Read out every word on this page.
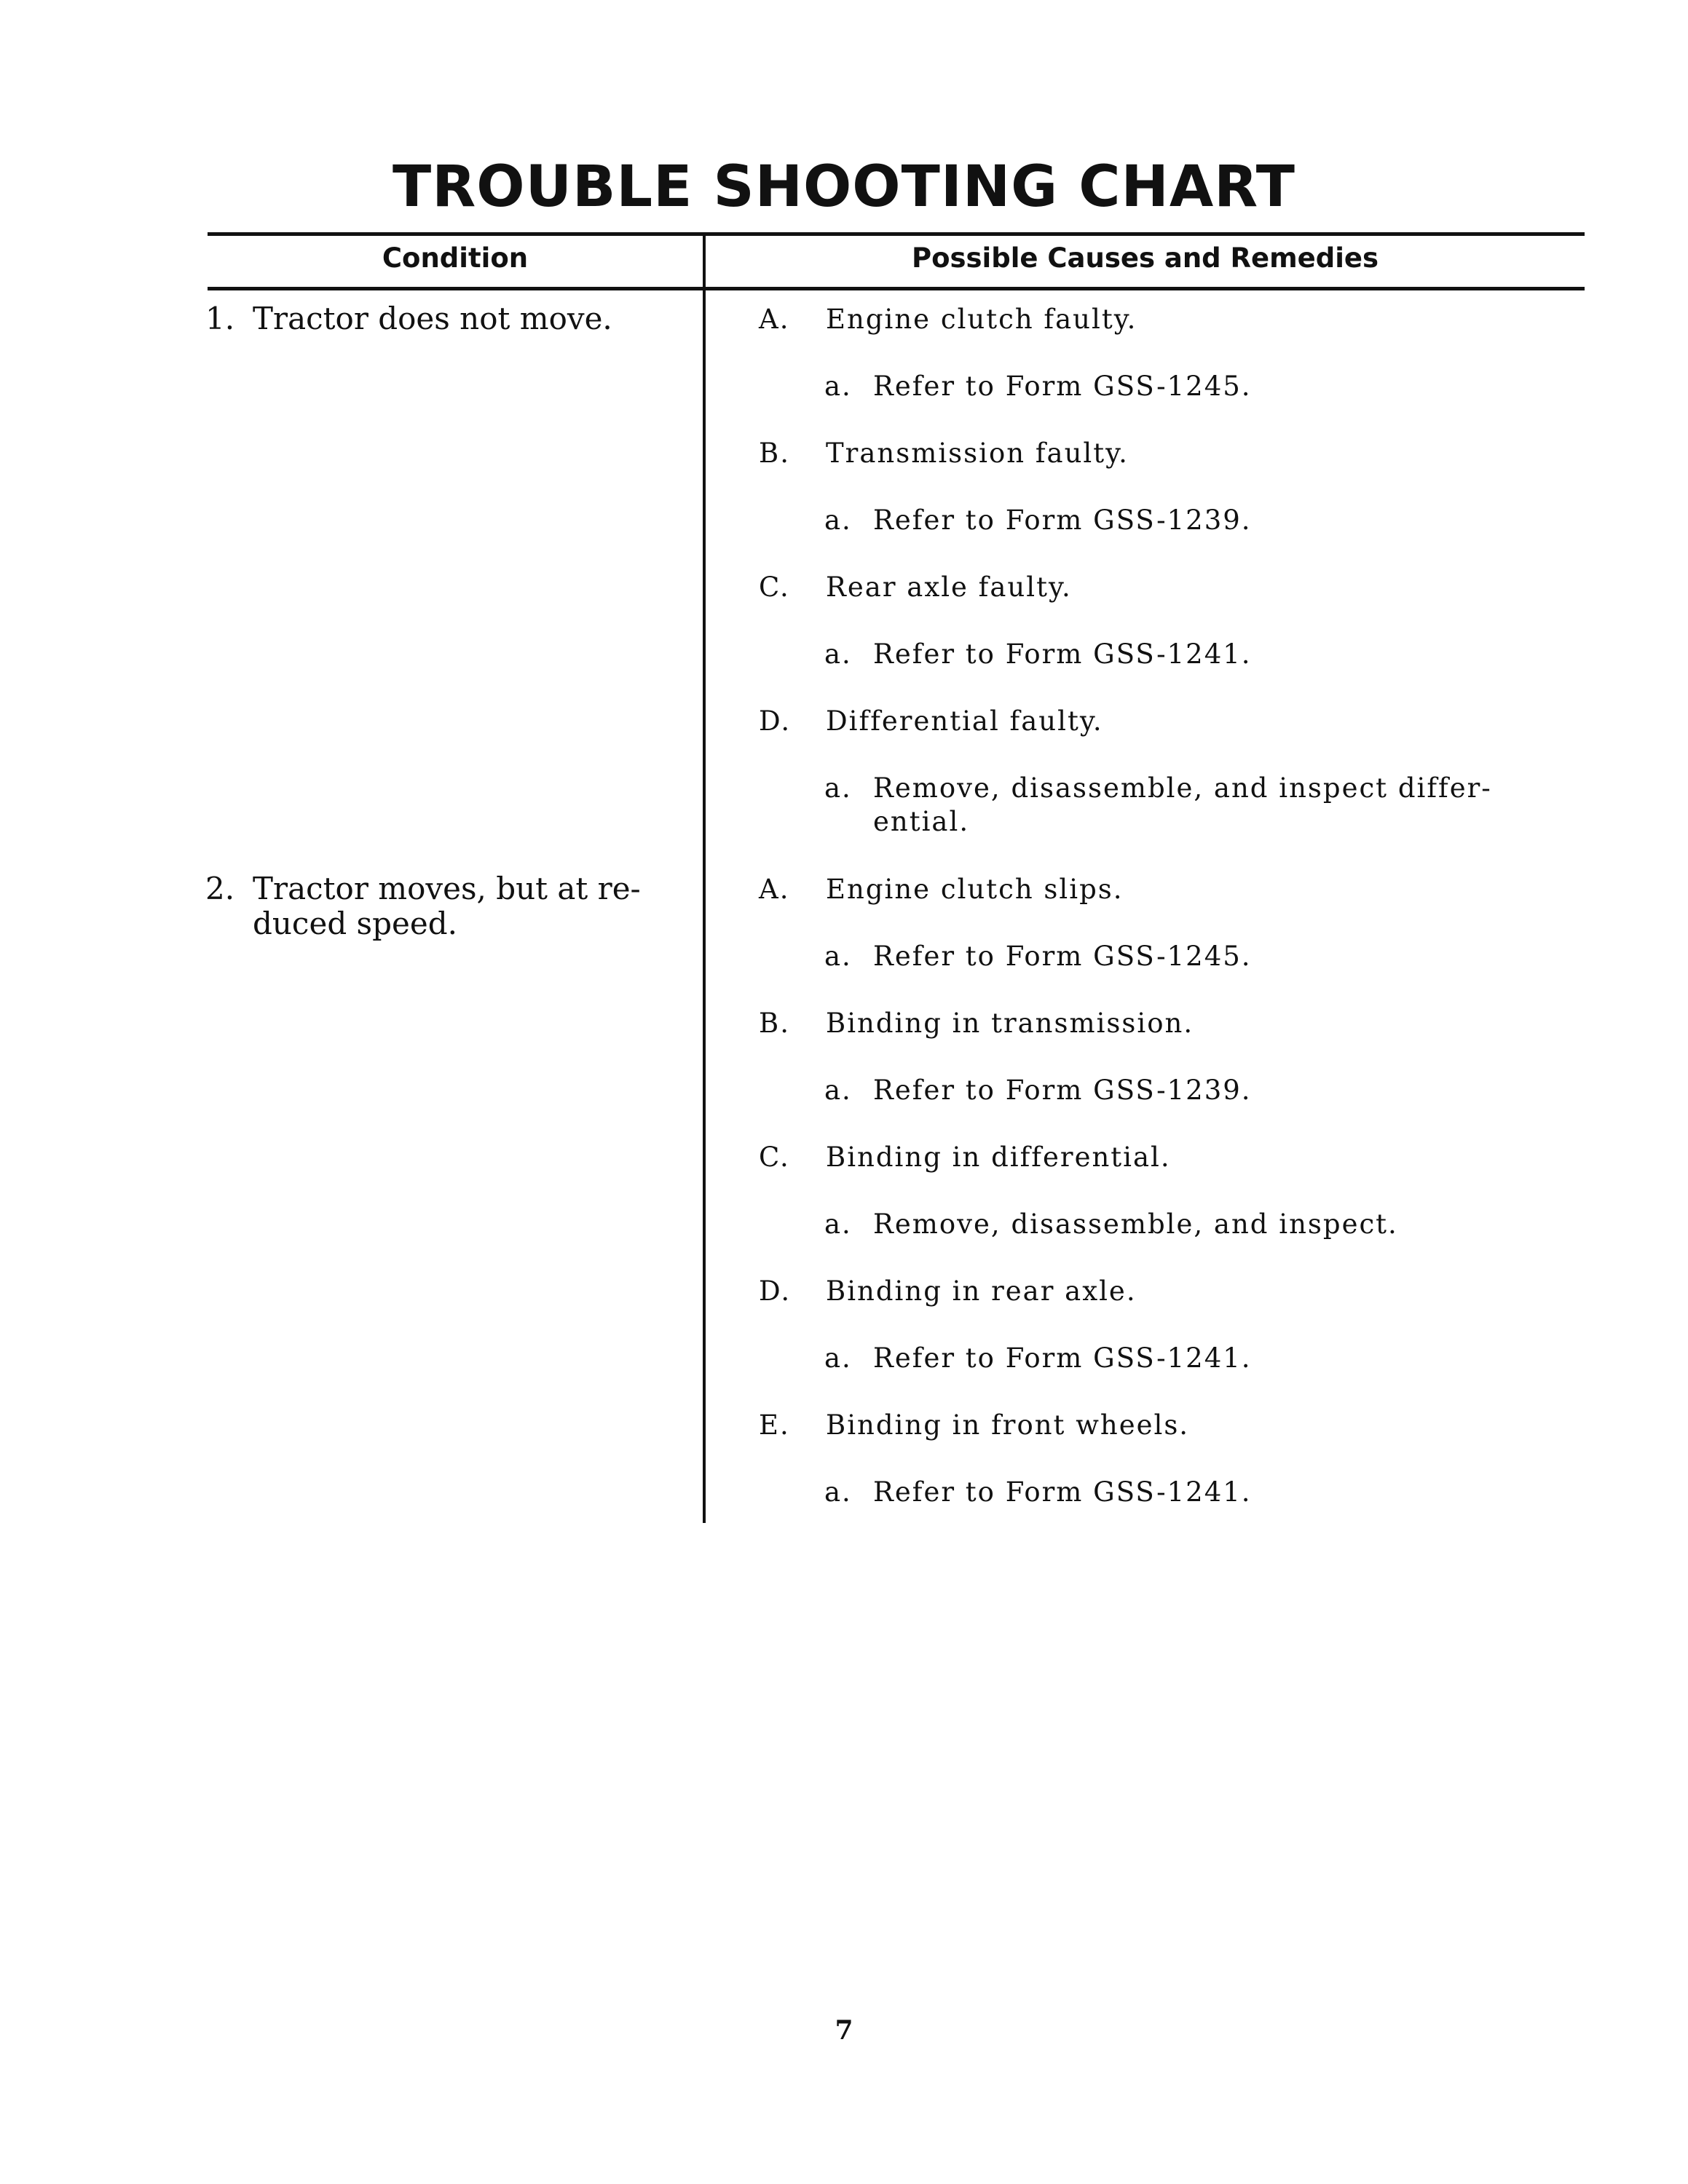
TROUBLE SHOOTING CHART
Condition	Possible Causes and Remedies
1. Tractor does not move.	A. Engine clutch faulty.
a. Refer to Form GSS-1245.
B. Transmission faulty.
a. Refer to Form GSS-1239.
C. Rear axle faulty.
a. Refer to Form GSS-1241.
D. Differential faulty.
a. Remove, disassemble, and inspect differ- ential.
2. Tractor moves, but at re- duced speed.
A. Engine clutch slips.
a. Refer to Form GSS-1245.
B. Binding in transmission.
a. Refer to Form GSS-1239.
C. Binding in differential.
a. Remove, disassemble, and inspect.
D. Binding in rear axle.
a. Refer to Form GSS-1241.
E. Binding in front wheels.
a. Refer to Form GSS-1241.
7
